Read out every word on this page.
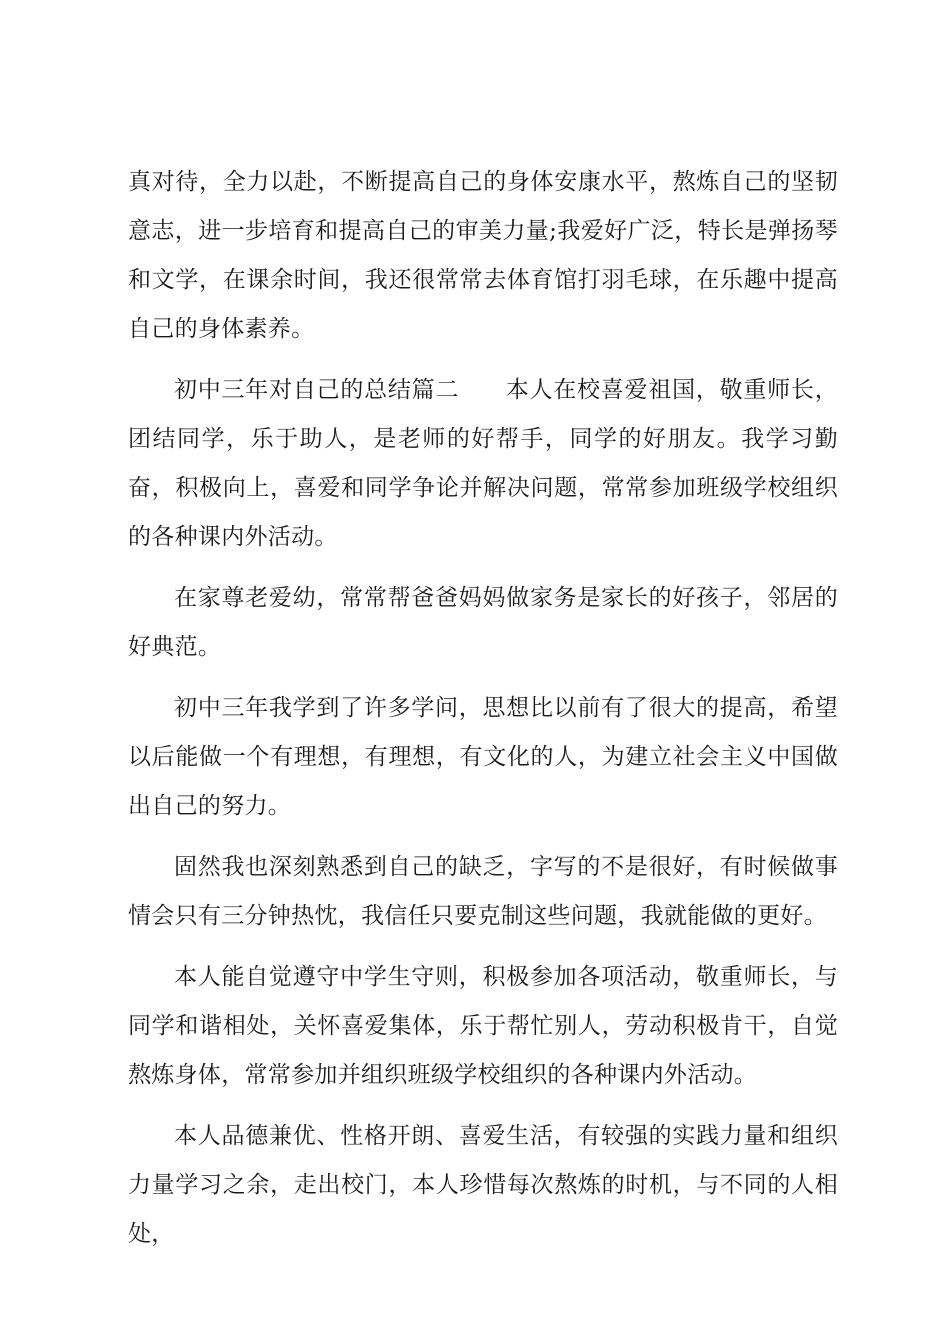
真对待，全力以赴，不断提高自己的身体安康水平，熬炼自己的坚韧意志，进一步培育和提高自己的审美力量;我爱好广泛，特长是弹扬琴和文学，在课余时间，我还很常常去体育馆打羽毛球，在乐趣中提高自己的身体素养。

初中三年对自己的总结篇二 本人在校喜爱祖国，敬重师长，团结同学，乐于助人，是老师的好帮手，同学的好朋友。我学习勤奋，积极向上，喜爱和同学争论并解决问题，常常参加班级学校组织的各种课内外活动。

在家尊老爱幼，常常帮爸爸妈妈做家务是家长的好孩子，邻居的好典范。

初中三年我学到了许多学问，思想比以前有了很大的提高，希望以后能做一个有理想，有理想，有文化的人，为建立社会主义中国做出自己的努力。

固然我也深刻熟悉到自己的缺乏，字写的不是很好，有时候做事情会只有三分钟热忱，我信任只要克制这些问题，我就能做的更好。

本人能自觉遵守中学生守则，积极参加各项活动，敬重师长，与同学和谐相处，关怀喜爱集体，乐于帮忙别人，劳动积极肯干，自觉熬炼身体，常常参加并组织班级学校组织的各种课内外活动。

本人品德兼优、性格开朗、喜爱生活，有较强的实践力量和组织力量学习之余，走出校门，本人珍惜每次熬炼的时机，与不同的人相处，
